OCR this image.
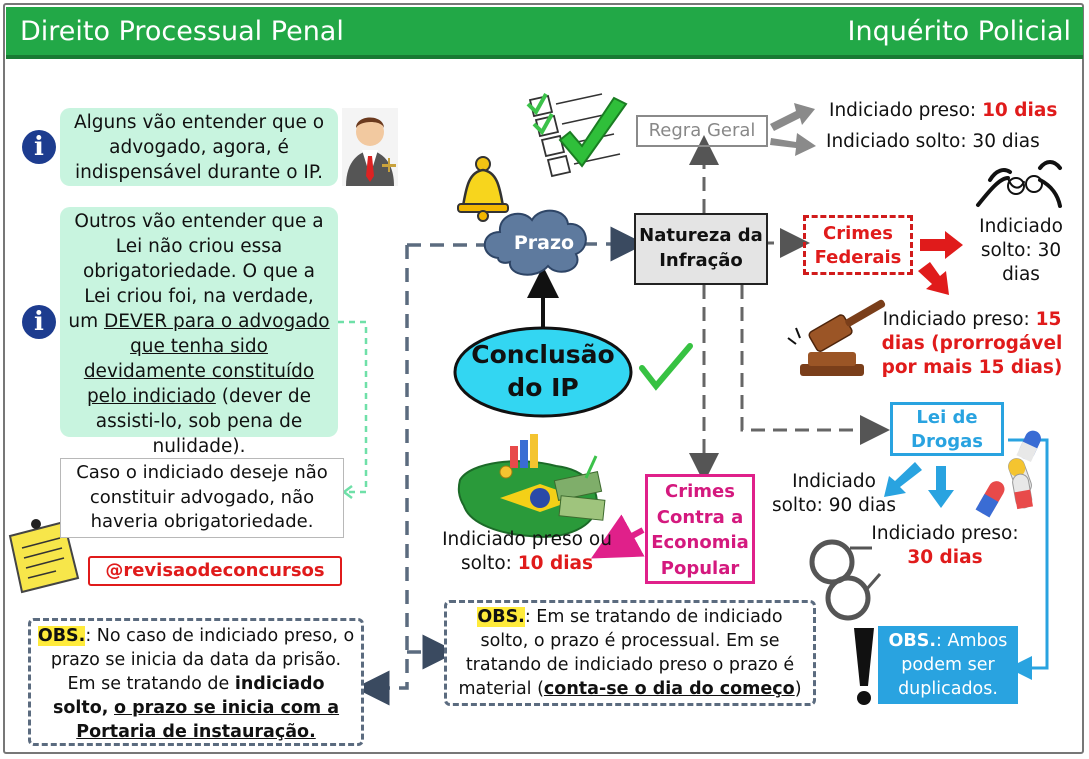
Direito Processual Penal	Inquérito Policial
i
i
Alguns vão entender que o advogado, agora, é indispensável durante o IP.
Outros vão entender que a Lei não criou essa obrigatoriedade. O que a Lei criou foi, na verdade, um DEVER para o advogado que tenha sido devidamente constituído pelo indiciado (dever de assisti-lo, sob pena de nulidade).
Caso o indiciado deseje não constituir advogado, não haveria obrigatoriedade.
@revisaodeconcursos
Prazo
Conclusão do IP
Natureza da Infração
Regra Geral
Indiciado preso: 10 dias
Indiciado solto: 30 dias
Crimes Federais
Indiciado solto: 30 dias
Indiciado preso: 15 dias (prorrogável por mais 15 dias)
Lei de Drogas
Indiciado solto: 90 dias
Indiciado preso: 30 dias
Crimes Contra a Economia Popular
Indiciado preso ou solto: 10 dias
OBS.: No caso de indiciado preso, o prazo se inicia da data da prisão. Em se tratando de indiciado solto, o prazo se inicia com a Portaria de instauração.
OBS.: Em se tratando de indiciado solto, o prazo é processual. Em se tratando de indiciado preso o prazo é material (conta-se o dia do começo)
OBS.: Ambos podem ser duplicados.
